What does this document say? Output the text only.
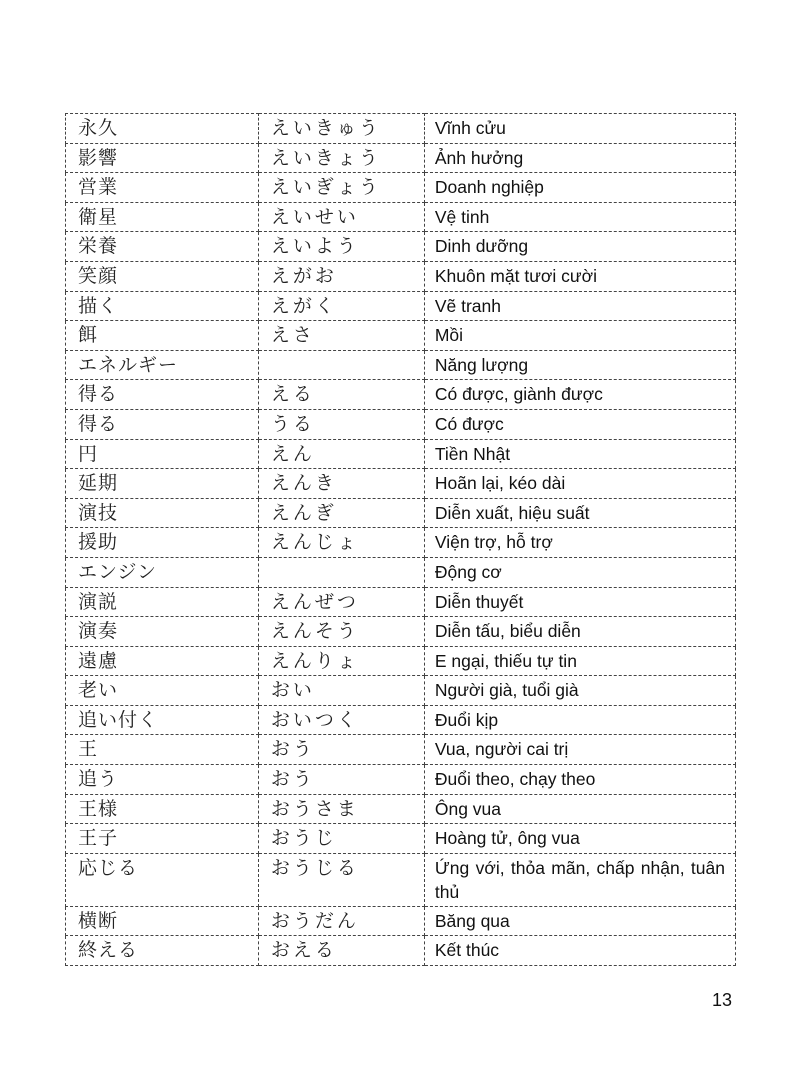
永久	えいきゅう	Vĩnh cửu
影響	えいきょう	Ảnh hưởng
営業	えいぎょう	Doanh nghiệp
衛星	えいせい	Vệ tinh
栄養	えいよう	Dinh dưỡng
笑顔	えがお	Khuôn mặt tươi cười
描く	えがく	Vẽ tranh
餌	えさ	Mồi
エネルギー		Năng lượng
得る	える	Có được, giành được
得る	うる	Có được
円	えん	Tiền Nhật
延期	えんき	Hoãn lại, kéo dài
演技	えんぎ	Diễn xuất, hiệu suất
援助	えんじょ	Viện trợ, hỗ trợ
エンジン		Động cơ
演説	えんぜつ	Diễn thuyết
演奏	えんそう	Diễn tấu, biểu diễn
遠慮	えんりょ	E ngại, thiếu tự tin
老い	おい	Người già, tuổi già
追い付く	おいつく	Đuổi kịp
王	おう	Vua, người cai trị
追う	おう	Đuổi theo, chạy theo
王様	おうさま	Ông vua
王子	おうじ	Hoàng tử, ông vua
応じる	おうじる	Ứng với, thỏa mãn, chấp nhận, tuân thủ
横断	おうだん	Băng qua
終える	おえる	Kết thúc
13
